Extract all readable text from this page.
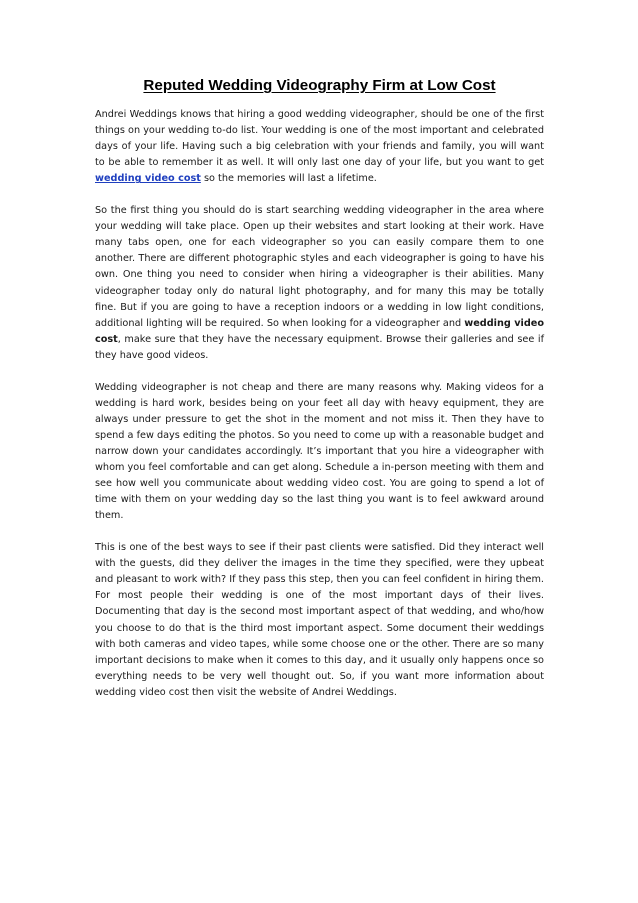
Reputed Wedding Videography Firm at Low Cost

Andrei Weddings knows that hiring a good wedding videographer, should be one of the first things on your wedding to-do list. Your wedding is one of the most important and celebrated days of your life. Having such a big celebration with your friends and family, you will want to be able to remember it as well. It will only last one day of your life, but you want to get wedding video cost so the memories will last a lifetime.

So the first thing you should do is start searching wedding videographer in the area where your wedding will take place. Open up their websites and start looking at their work. Have many tabs open, one for each videographer so you can easily compare them to one another. There are different photographic styles and each videographer is going to have his own. One thing you need to consider when hiring a videographer is their abilities. Many videographer today only do natural light photography, and for many this may be totally fine. But if you are going to have a reception indoors or a wedding in low light conditions, additional lighting will be required. So when looking for a videographer and wedding video cost, make sure that they have the necessary equipment. Browse their galleries and see if they have good videos.

Wedding videographer is not cheap and there are many reasons why. Making videos for a wedding is hard work, besides being on your feet all day with heavy equipment, they are always under pressure to get the shot in the moment and not miss it. Then they have to spend a few days editing the photos. So you need to come up with a reasonable budget and narrow down your candidates accordingly. It’s important that you hire a videographer with whom you feel comfortable and can get along. Schedule a in-person meeting with them and see how well you communicate about wedding video cost. You are going to spend a lot of time with them on your wedding day so the last thing you want is to feel awkward around them.

This is one of the best ways to see if their past clients were satisfied. Did they interact well with the guests, did they deliver the images in the time they specified, were they upbeat and pleasant to work with? If they pass this step, then you can feel confident in hiring them. For most people their wedding is one of the most important days of their lives. Documenting that day is the second most important aspect of that wedding, and who/how you choose to do that is the third most important aspect. Some document their weddings with both cameras and video tapes, while some choose one or the other. There are so many important decisions to make when it comes to this day, and it usually only happens once so everything needs to be very well thought out. So, if you want more information about wedding video cost then visit the website of Andrei Weddings.
